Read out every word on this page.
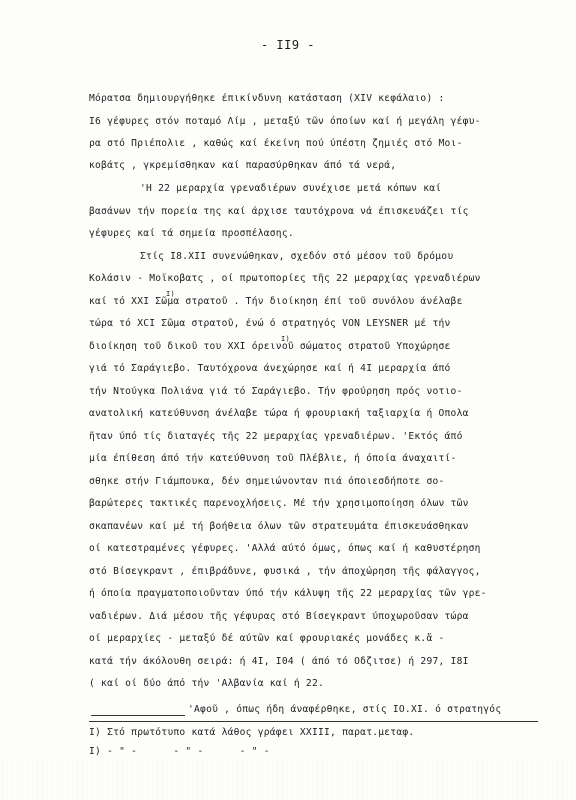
- II9 -
Μόρατσα δημιουργήθηκε έπικίνδυνη κατάσταση (XIV κεφάλαιο) :
Ι6 γέφυρες στόν ποταμό Λίμ , μεταξύ τῶν όποίων καί ή μεγάλη γέφυ-
ρα στό Πριέπολιε , καθώς καί έκείνη πού ύπέστη ζημιές στό Μοι-
κοβάτς , γκρεμίσθηκαν καί παρασύρθηκαν άπό τά νερά,
'Η 22 μεραρχία γρεναδιέρων συνέχισε μετά κόπων καί
βασάνων τήν πορεία της καί άρχισε ταυτόχρονα νά έπισκευάζει τίς
γέφυρες καί τά σημεία προσπέλασης.
Στίς Ι8.ΧΙΙ συνενώθηκαν, σχεδόν στό μέσον τοῦ δρόμου
Κολάσιν - Μοϊκοβατς , οί πρωτοπορίες τῆς 22 μεραρχίας γρεναδιέρων
καί τό ΧΧΙ Σῶμα στρατοῦ . Τήν διοίκηση έπί τοῦ συνόλου άνέλαβε
τώρα τό ΧCΙ Σῶμα στρατοῦ, ένώ ό στρατηγός VON LEYSNER μέ τήν
διοίκηση τοῦ δικοῦ του ΧΧΙ όρεινοῦ σώματος στρατοῦ Υποχώρησε
γιά τό Σαράγιεβο. Ταυτόχρονα άνεχώρησε καί ή 4Ι μεραρχία άπό
τήν Ντούγκα Πολιάνα γιά τό Σαράγιεβο. Τήν φρούρηση πρός νοτιο-
ανατολική κατεύθυνση άνέλαβε τώρα ή φρουριακή ταξιαρχία ή Οπολα
ῆταν ύπό τίς διαταγές τῆς 22 μεραρχίας γρεναδιέρων. 'Εκτός άπό
μία έπίθεση άπό τήν κατεύθυνση τοῦ Πλέβλιε, ή όποία άναχαιτί-
σθηκε στήν Γιάμπουκα, δέν σημειώνονταν πιά όποιεσδήποτε σο-
βαρώτερες τακτικές παρενοχλήσεις. Μέ τήν χρησιμοποίηση όλων τῶν
σκαπανέων καί μέ τή βοήθεια όλων τῶν στρατευμάτα έπισκευάσθηκαν
οί κατεστραμένες γέφυρες. 'Αλλά αύτό όμως, όπως καί ή καθυστέρηση
στό Βίσεγκραντ , έπιβράδυνε, φυσικά , τήν άποχώρηση τῆς φάλαγγος,
ή όποία πραγματοποιοῦνταν ύπό τήν κάλυψη τῆς 22 μεραρχίας τῶν γρε-
ναδιέρων. Διά μέσου τῆς γέφυρας στό Βίσεγκραντ ύποχωροῦσαν τώρα
οί μεραρχίες - μεταξύ δέ αύτῶν καί φρουριακές μονάδες κ.ἄ -
κατά τήν άκόλουθη σειρά: ή 4Ι, Ι04 ( άπό τό Οδζιτσε) ή 297, Ι8Ι
( καί οί δύο άπό τήν 'Αλβανία καί ή 22.
'Αφοῦ , όπως ήδη άναφέρθηκε, στίς ΙΟ.ΧΙ. ό στρατηγός
I)
I)
Ι) Στό πρωτότυπο κατά λάθος γράφει ΧΧΙΙΙ, παρατ.μεταφ.
Ι) - " -      - " -      - " -
